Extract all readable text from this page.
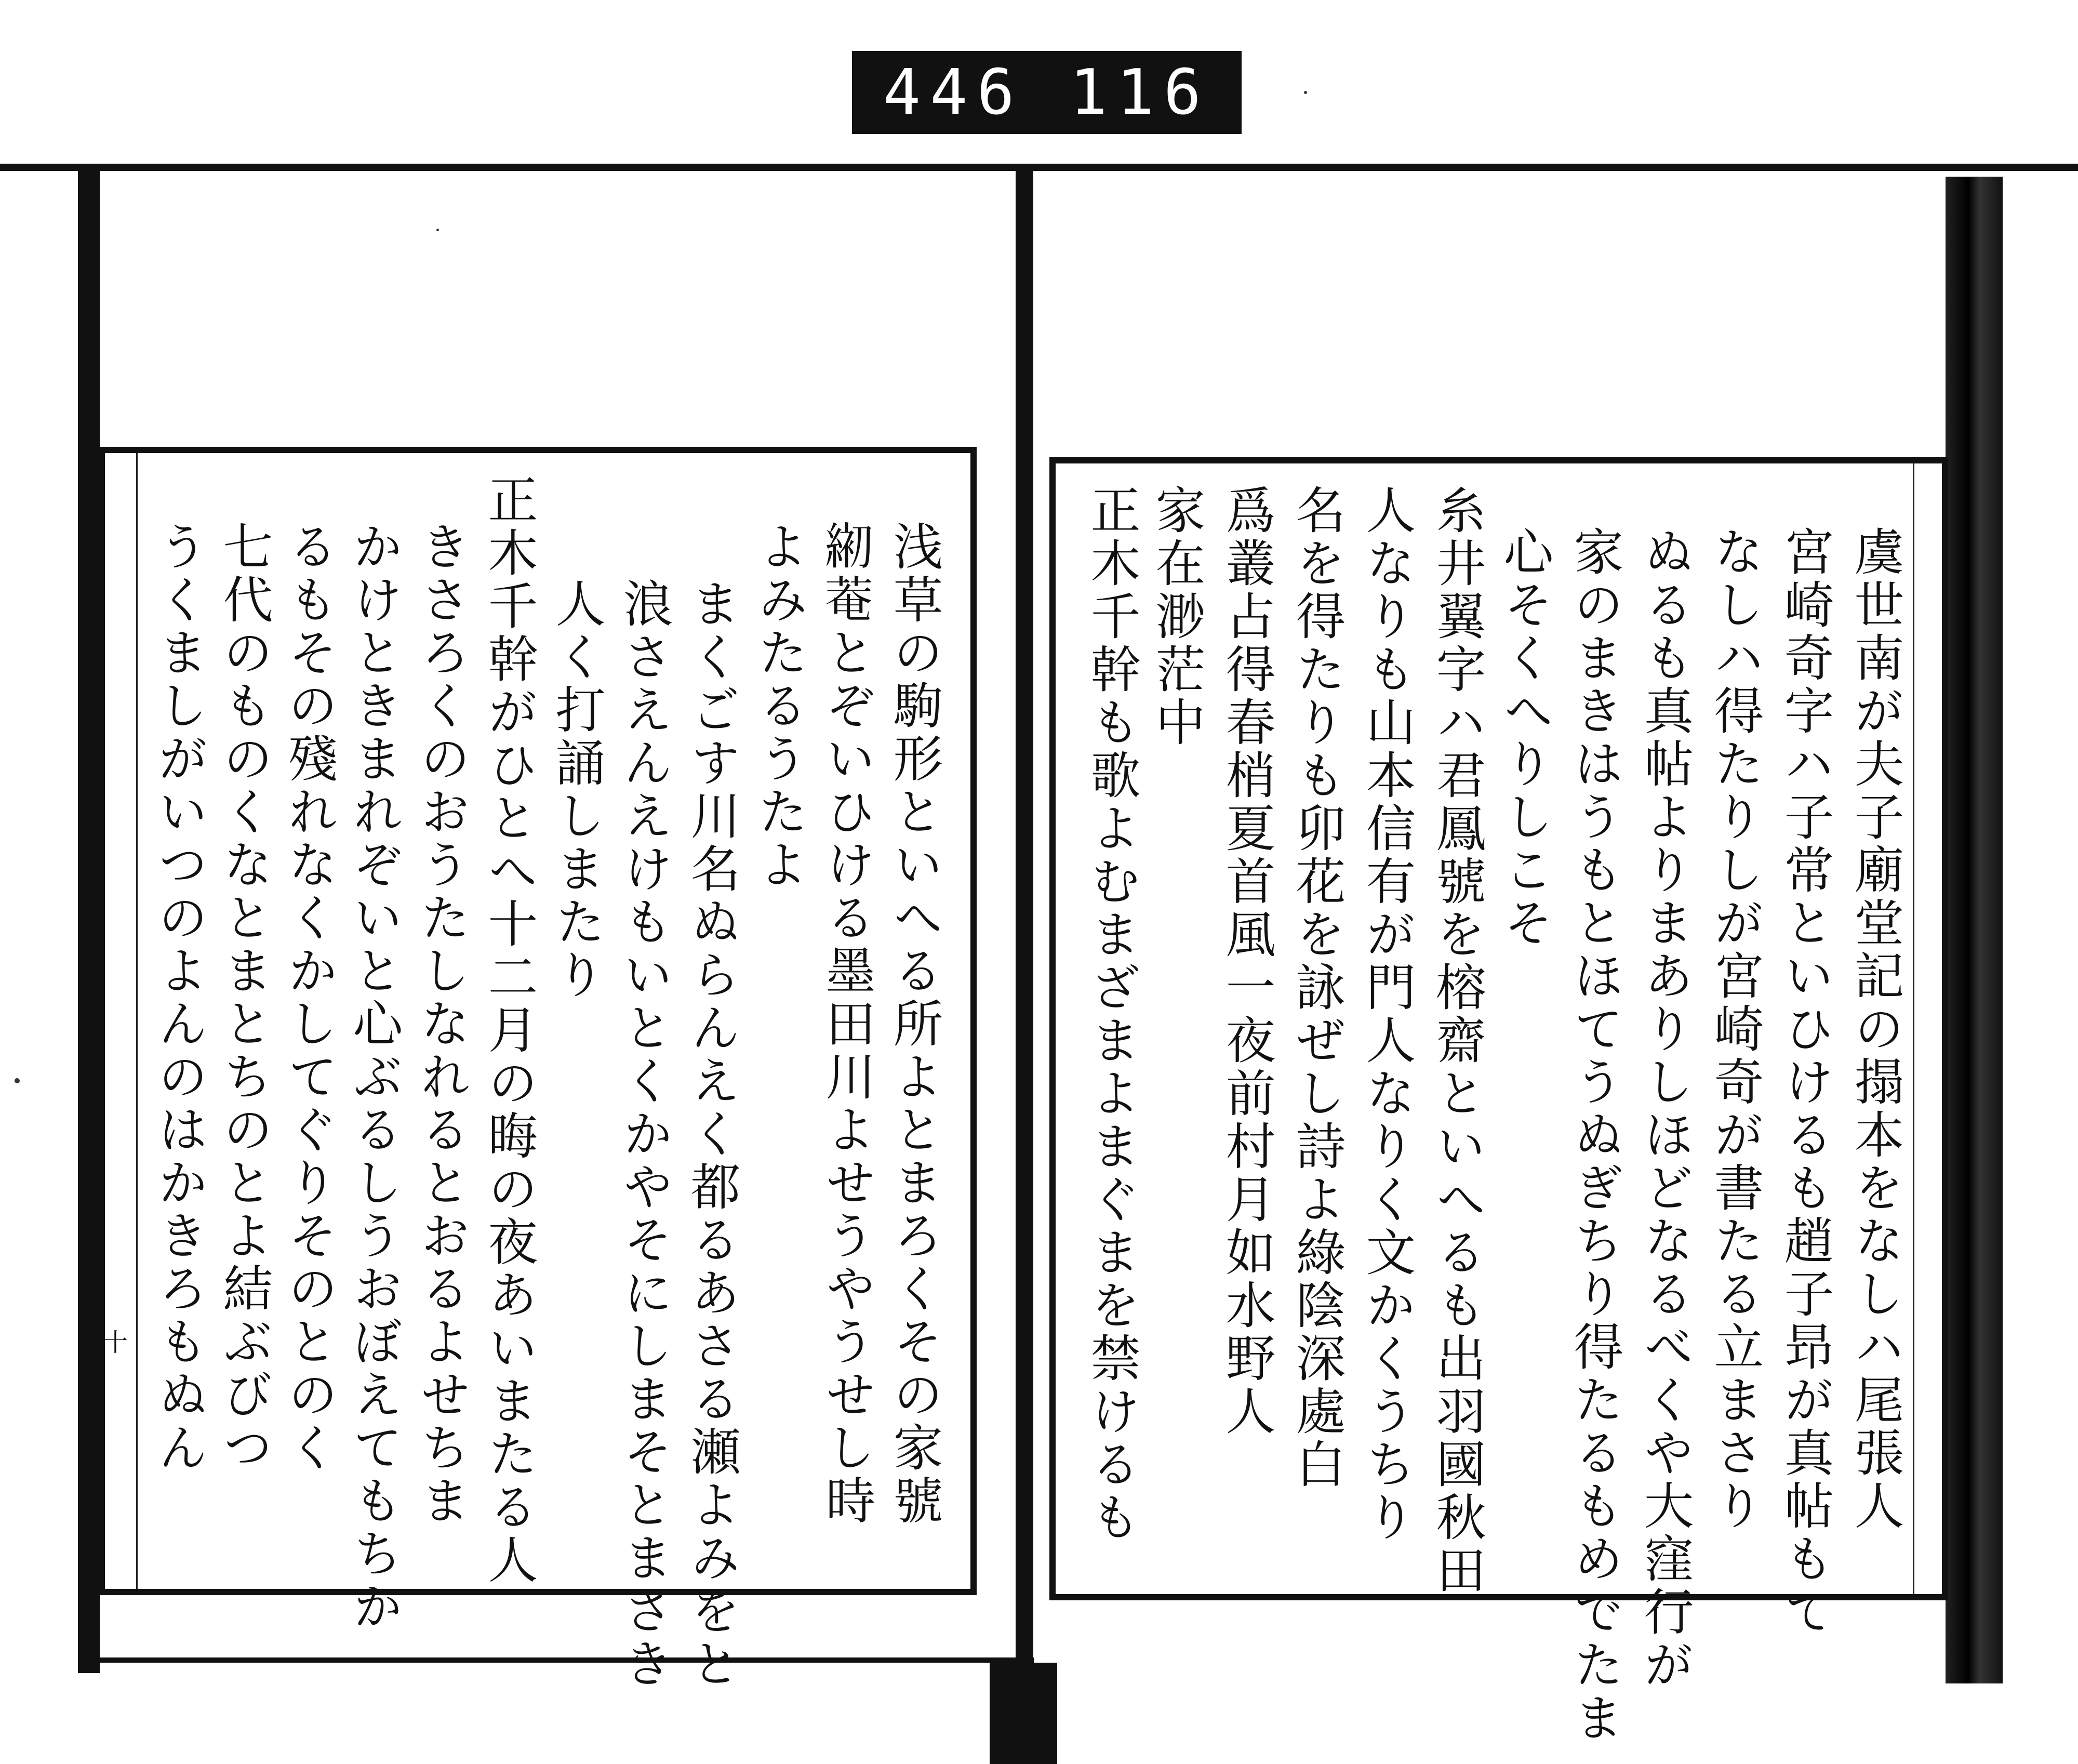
446 116
虞世南が夫子廟堂記の搨本をなしハ尾張人
宮崎奇字ハ子常といひけるも趙子昻が真帖もて
なしハ得たりしが宮崎奇が書たる立まさり
ぬるも真帖よりまありしほどなるべくや大窪行が
家のまきはうもとほてうぬぎちり得たるもめでたま
心そくへりしこそ
糸井翼字ハ君鳳號を榕齋といへるも出羽國秋田
人なりも山本信有が門人なりく文かくうちり
名を得たりも卯花を詠ぜし詩よ綠陰深處白
爲叢占得春梢夏首風一夜前村月如水野人
家在渺茫中
正木千幹も歌よむまざまよまぐまを禁けるも
浅草の駒形といへる所よとまろくその家號
𦁅菴とぞいひける墨田川よせうやうせし時
よみたるうたよ
まくごす川名ぬらんえく都るあさる瀬よみをと
浪さえんえけもいとくかやそにしまそとまさき
人く打誦しまたり
正木千幹がひとへ十二月の晦の夜あいまたる人
きさろくのおうたしなれるとおるよせちま
かけときまれぞいと心ぶるしうおぼえてもちか
るもその殘れなくかしてぐりそのとのく
七代のものくなとまとちのとよ結ぶびつ
うくましがいつのよんのはかきろもぬん
十
